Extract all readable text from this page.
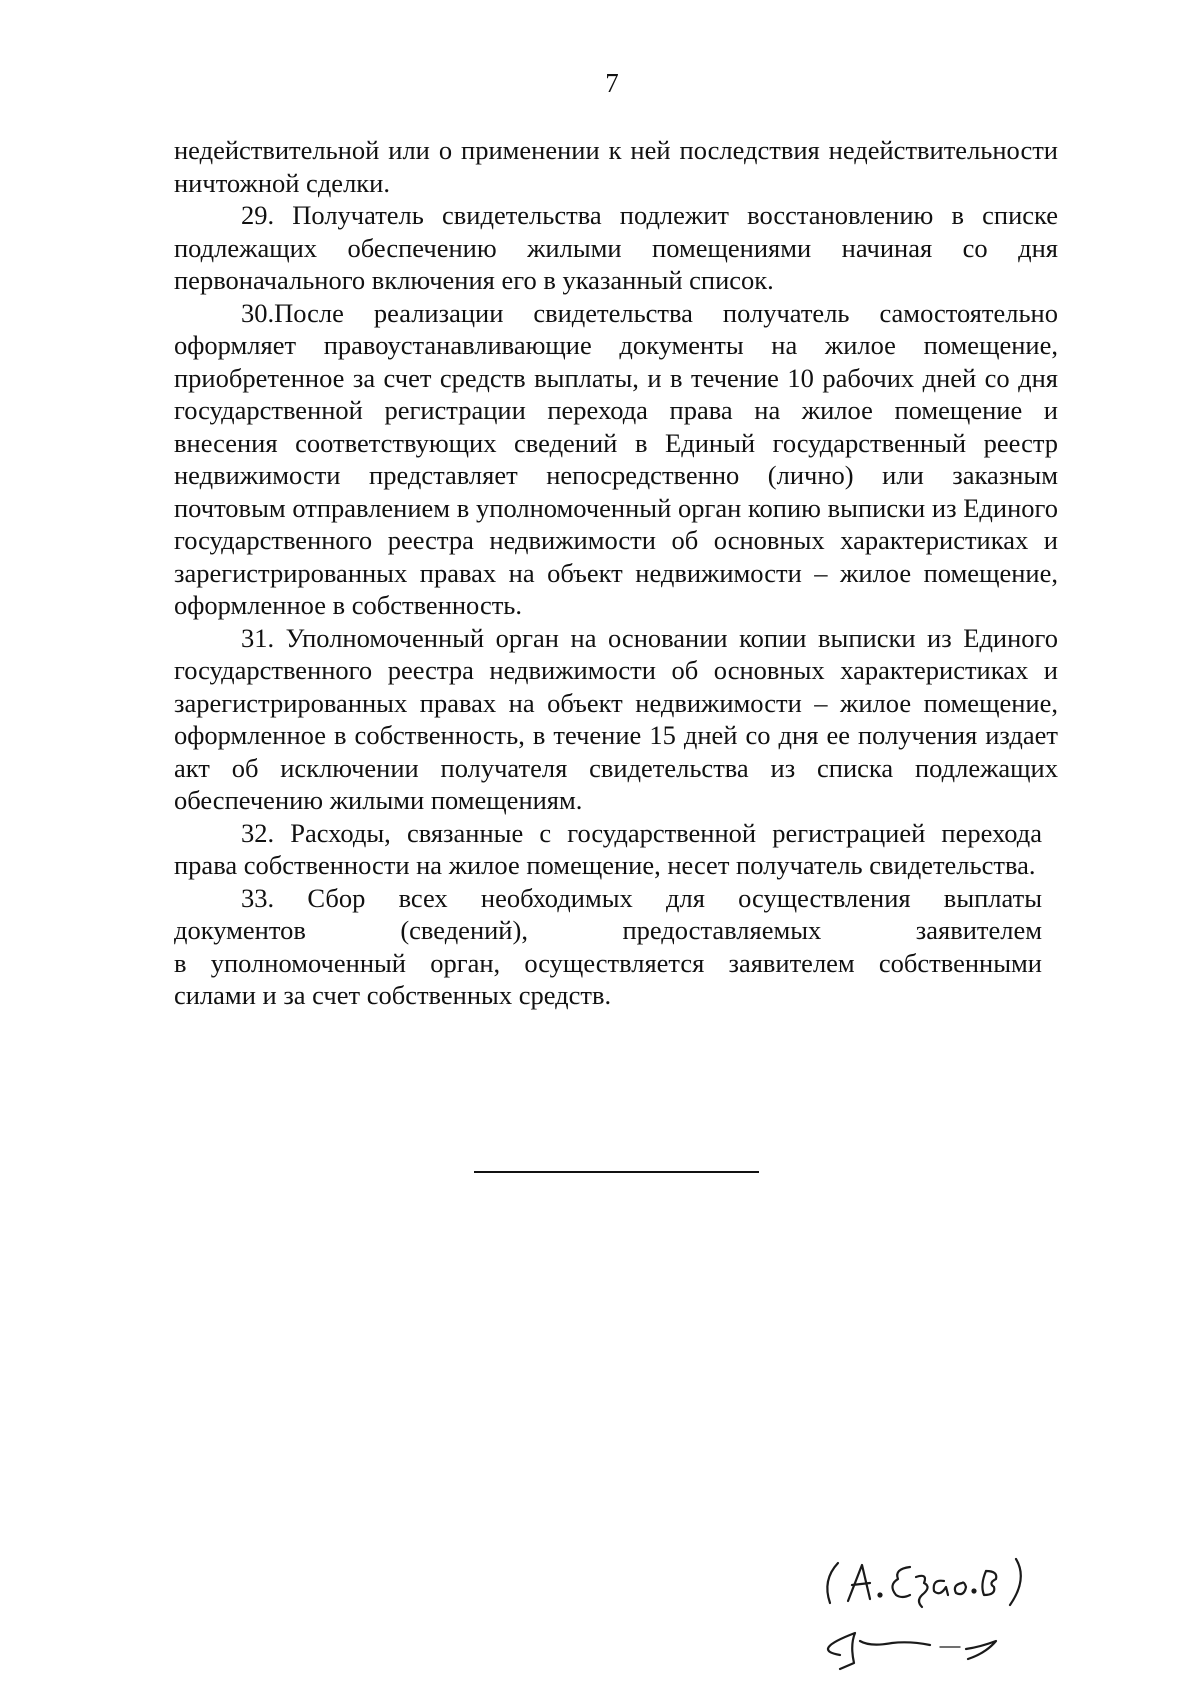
7

недействительной или о применении к ней последствия недействительности ничтожной сделки.

29. Получатель свидетельства подлежит восстановлению в списке подлежащих обеспечению жилыми помещениями начиная со дня первоначального включения его в указанный список.

30.После реализации свидетельства получатель самостоятельно оформляет правоустанавливающие документы на жилое помещение, приобретенное за счет средств выплаты, и в течение 10 рабочих дней со дня государственной регистрации перехода права на жилое помещение и внесения соответствующих сведений в Единый государственный реестр недвижимости представляет непосредственно (лично) или заказным почтовым отправлением в уполномоченный орган копию выписки из Единого государственного реестра недвижимости об основных характеристиках и зарегистрированных правах на объект недвижимости – жилое помещение, оформленное в собственность.

31. Уполномоченный орган на основании копии выписки из Единого государственного реестра недвижимости об основных характеристиках и зарегистрированных правах на объект недвижимости – жилое помещение, оформленное в собственность, в течение 15 дней со дня ее получения издает акт об исключении получателя свидетельства из списка подлежащих обеспечению жилыми помещениям.

32. Расходы, связанные с государственной регистрацией перехода права собственности на жилое помещение, несет получатель свидетельства.

33. Сбор всех необходимых для осуществления выплаты
документов (сведений), предоставляемых заявителем
в уполномоченный орган, осуществляется заявителем собственными
силами и за счет собственных средств.
